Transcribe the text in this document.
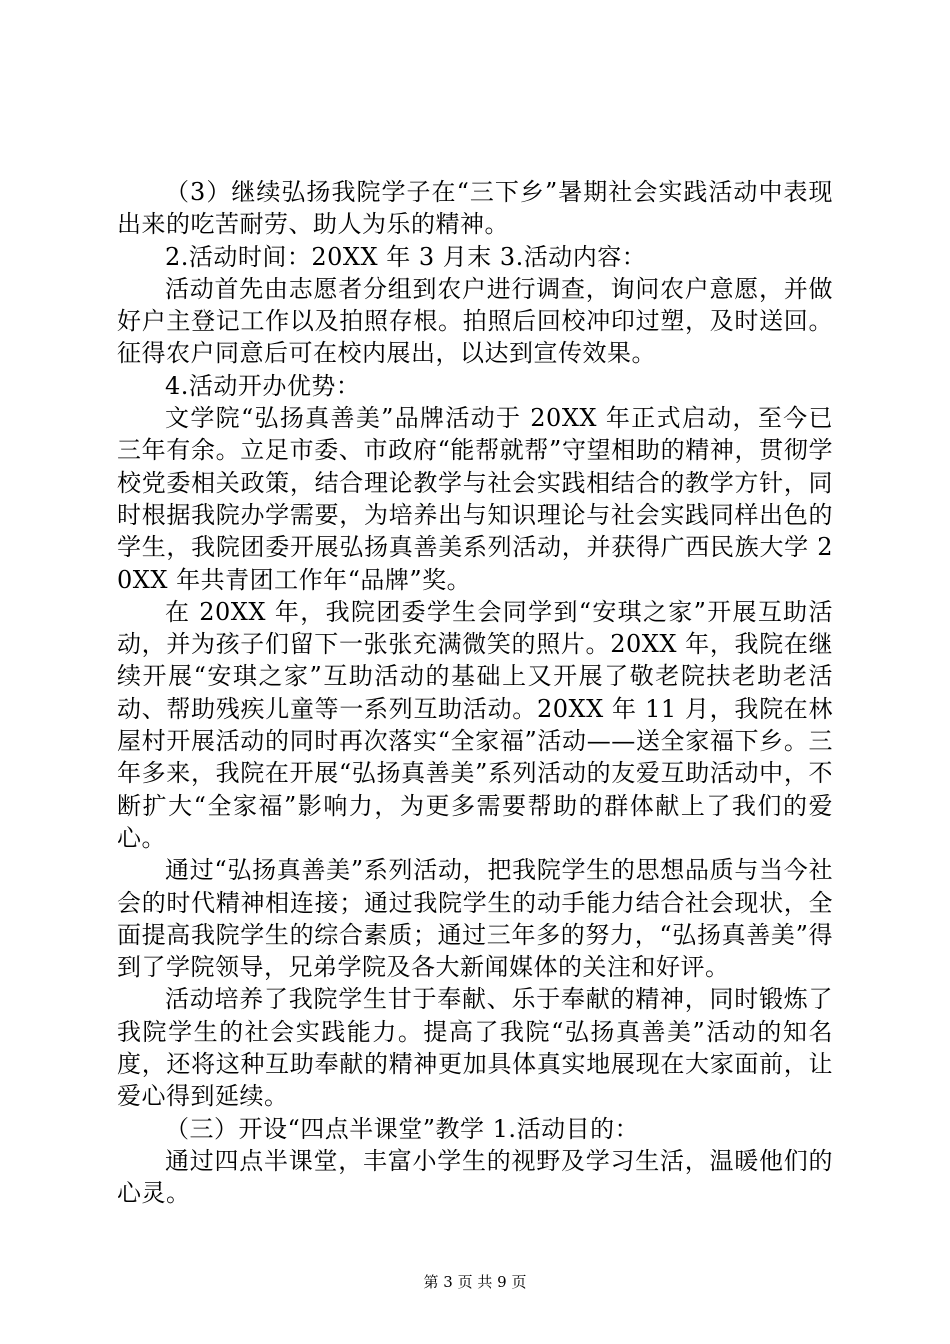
（3）继续弘扬我院学子在“三下乡”暑期社会实践活动中表现出来的吃苦耐劳、助人为乐的精神。

2.活动时间：20XX 年 3 月末 3.活动内容：

活动首先由志愿者分组到农户进行调查，询问农户意愿，并做好户主登记工作以及拍照存根。拍照后回校冲印过塑，及时送回。征得农户同意后可在校内展出，以达到宣传效果。

4.活动开办优势：

文学院“弘扬真善美”品牌活动于 20XX 年正式启动，至今已三年有余。立足市委、市政府“能帮就帮”守望相助的精神，贯彻学校党委相关政策，结合理论教学与社会实践相结合的教学方针，同时根据我院办学需要，为培养出与知识理论与社会实践同样出色的学生，我院团委开展弘扬真善美系列活动，并获得广西民族大学 20XX 年共青团工作年“品牌”奖。

在 20XX 年，我院团委学生会同学到“安琪之家”开展互助活动，并为孩子们留下一张张充满微笑的照片。20XX 年，我院在继续开展“安琪之家”互助活动的基础上又开展了敬老院扶老助老活动、帮助残疾儿童等一系列互助活动。20XX 年 11 月，我院在林屋村开展活动的同时再次落实“全家福”活动——送全家福下乡。三年多来，我院在开展“弘扬真善美”系列活动的友爱互助活动中，不断扩大“全家福”影响力，为更多需要帮助的群体献上了我们的爱心。

通过“弘扬真善美”系列活动，把我院学生的思想品质与当今社会的时代精神相连接；通过我院学生的动手能力结合社会现状，全面提高我院学生的综合素质；通过三年多的努力，“弘扬真善美”得到了学院领导，兄弟学院及各大新闻媒体的关注和好评。

活动培养了我院学生甘于奉献、乐于奉献的精神，同时锻炼了我院学生的社会实践能力。提高了我院“弘扬真善美”活动的知名度，还将这种互助奉献的精神更加具体真实地展现在大家面前，让爱心得到延续。

（三）开设“四点半课堂”教学 1.活动目的：

通过四点半课堂，丰富小学生的视野及学习生活，温暖他们的心灵。

第 3 页 共 9 页
